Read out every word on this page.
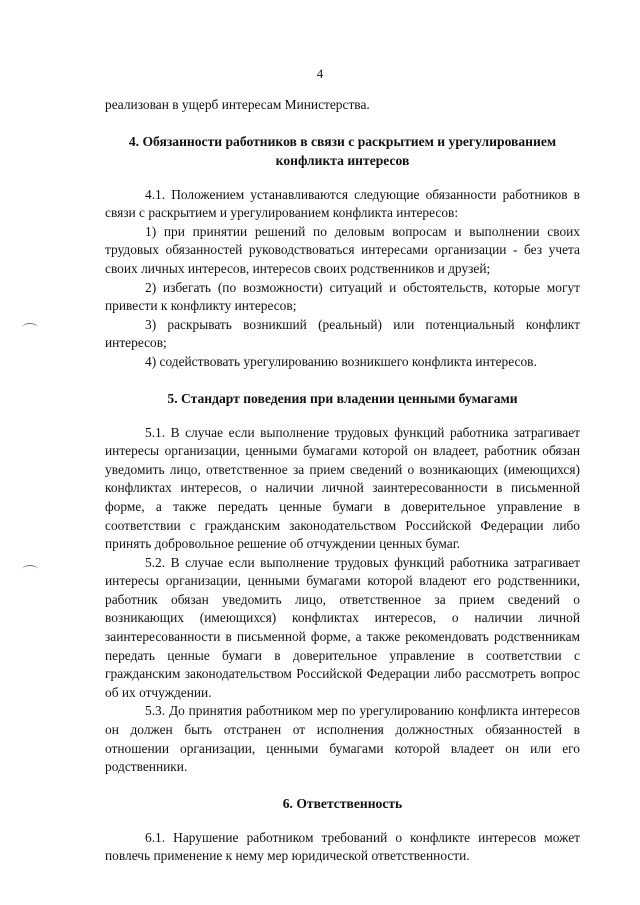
4

реализован в ущерб интересам Министерства.

4. Обязанности работников в связи с раскрытием и урегулированием конфликта интересов

4.1. Положением устанавливаются следующие обязанности работников в связи с раскрытием и урегулированием конфликта интересов:

1) при принятии решений по деловым вопросам и выполнении своих трудовых обязанностей руководствоваться интересами организации - без учета своих личных интересов, интересов своих родственников и друзей;

2) избегать (по возможности) ситуаций и обстоятельств, которые могут привести к конфликту интересов;

3) раскрывать возникший (реальный) или потенциальный конфликт интересов;

4) содействовать урегулированию возникшего конфликта интересов.

5. Стандарт поведения при владении ценными бумагами

5.1. В случае если выполнение трудовых функций работника затрагивает интересы организации, ценными бумагами которой он владеет, работник обязан уведомить лицо, ответственное за прием сведений о возникающих (имеющихся) конфликтах интересов, о наличии личной заинтересованности в письменной форме, а также передать ценные бумаги в доверительное управление в соответствии с гражданским законодательством Российской Федерации либо принять добровольное решение об отчуждении ценных бумаг.

5.2. В случае если выполнение трудовых функций работника затрагивает интересы организации, ценными бумагами которой владеют его родственники, работник обязан уведомить лицо, ответственное за прием сведений о возникающих (имеющихся) конфликтах интересов, о наличии личной заинтересованности в письменной форме, а также рекомендовать родственникам передать ценные бумаги в доверительное управление в соответствии с гражданским законодательством Российской Федерации либо рассмотреть вопрос об их отчуждении.

5.3. До принятия работником мер по урегулированию конфликта интересов он должен быть отстранен от исполнения должностных обязанностей в отношении организации, ценными бумагами которой владеет он или его родственники.

6. Ответственность

6.1. Нарушение работником требований о конфликте интересов может повлечь применение к нему мер юридической ответственности.
